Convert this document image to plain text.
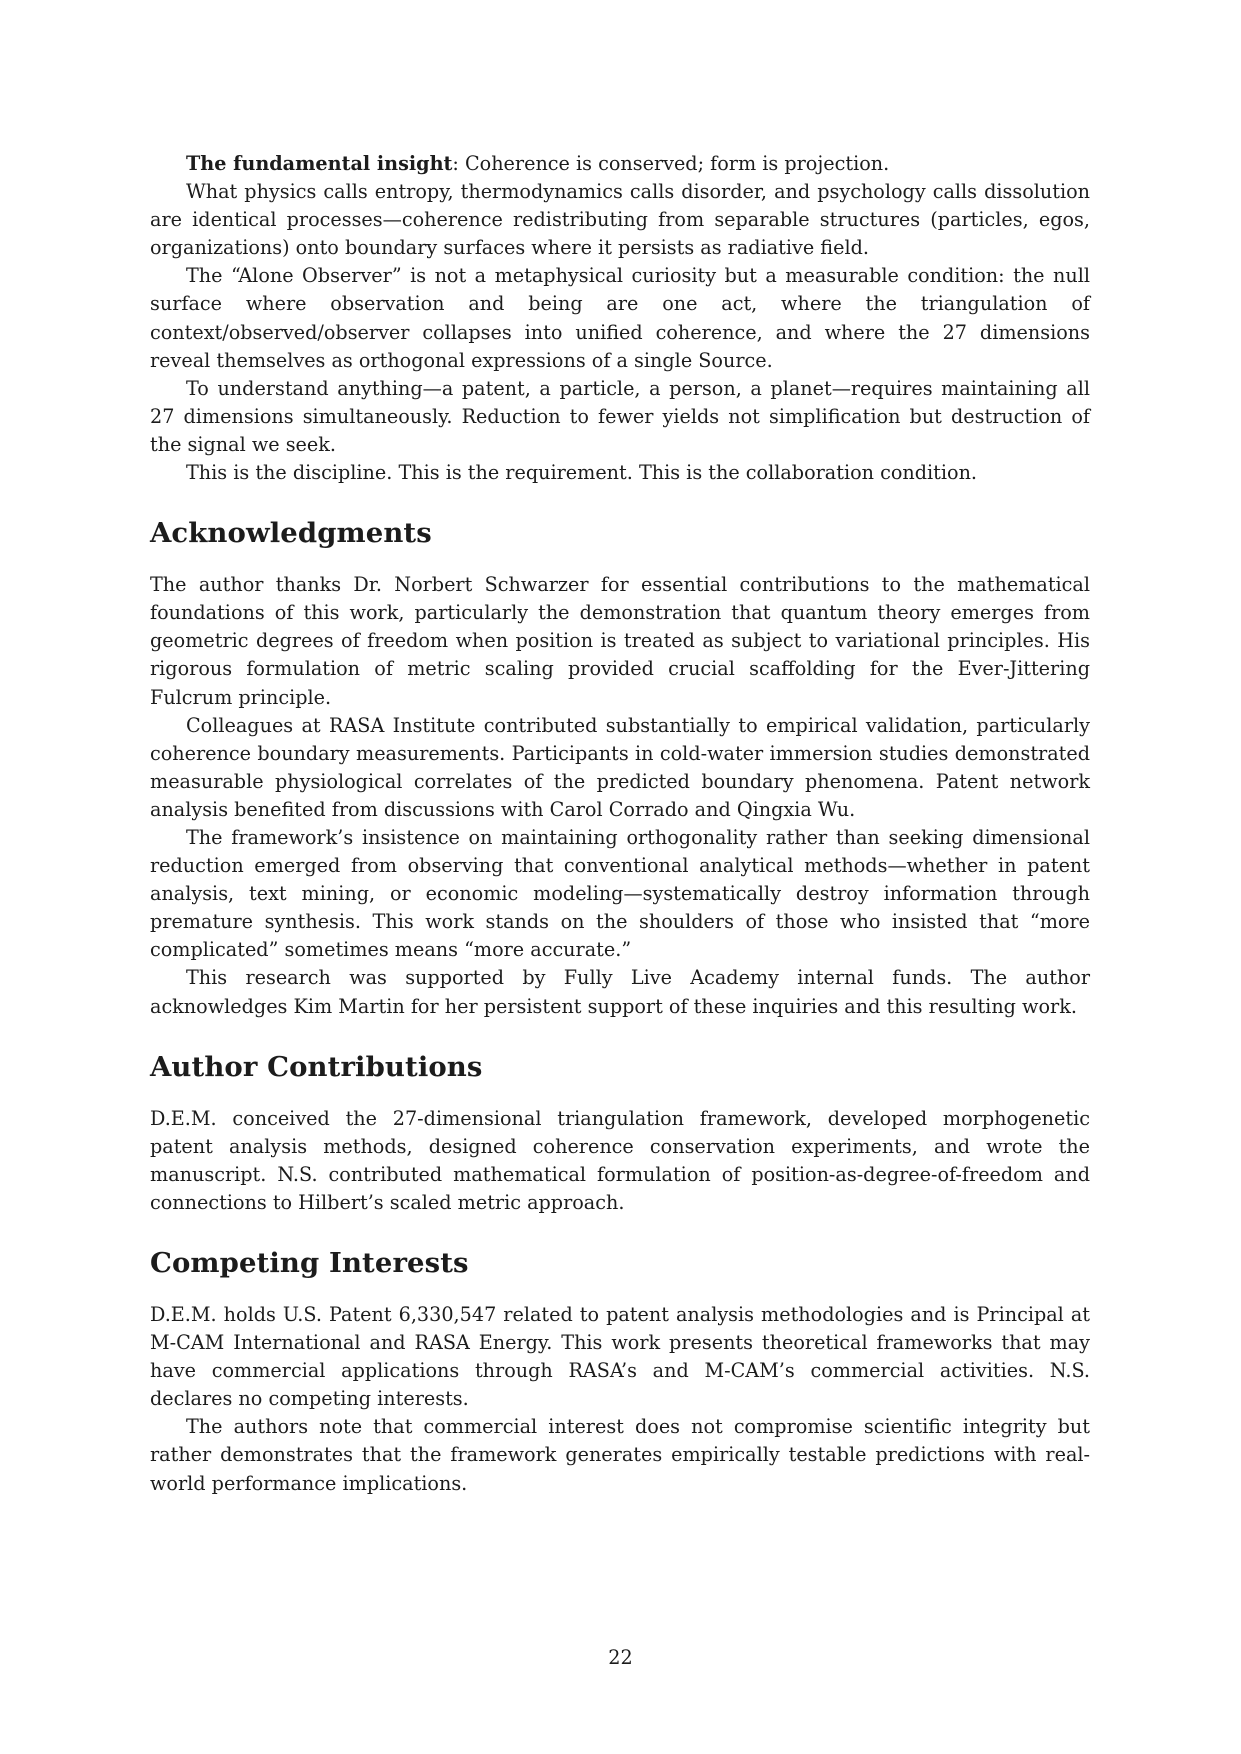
The fundamental insight: Coherence is conserved; form is projection.

What physics calls entropy, thermodynamics calls disorder, and psychology calls dissolution are identical processes—coherence redistributing from separable structures (particles, egos, organizations) onto boundary surfaces where it persists as radiative field.

The “Alone Observer” is not a metaphysical curiosity but a measurable condition: the null surface where observation and being are one act, where the triangulation of context/observed/observer collapses into unified coherence, and where the 27 dimensions reveal themselves as orthogonal expressions of a single Source.

To understand anything—a patent, a particle, a person, a planet—requires maintaining all 27 dimensions simultaneously. Reduction to fewer yields not simplification but destruction of the signal we seek.

This is the discipline. This is the requirement. This is the collaboration condition.

Acknowledgments

The author thanks Dr. Norbert Schwarzer for essential contributions to the mathematical foundations of this work, particularly the demonstration that quantum theory emerges from geometric degrees of freedom when position is treated as subject to variational principles. His rigorous formulation of metric scaling provided crucial scaffolding for the Ever-Jittering Fulcrum principle.

Colleagues at RASA Institute contributed substantially to empirical validation, particularly coherence boundary measurements. Participants in cold-water immersion studies demonstrated measurable physiological correlates of the predicted boundary phenomena. Patent network analysis benefited from discussions with Carol Corrado and Qingxia Wu.

The framework’s insistence on maintaining orthogonality rather than seeking dimensional reduction emerged from observing that conventional analytical methods—whether in patent analysis, text mining, or economic modeling—systematically destroy information through premature synthesis. This work stands on the shoulders of those who insisted that “more complicated” sometimes means “more accurate.”

This research was supported by Fully Live Academy internal funds. The author acknowledges Kim Martin for her persistent support of these inquiries and this resulting work.

Author Contributions

D.E.M. conceived the 27-dimensional triangulation framework, developed morphogenetic patent analysis methods, designed coherence conservation experiments, and wrote the manuscript. N.S. contributed mathematical formulation of position-as-degree-of-freedom and connections to Hilbert’s scaled metric approach.

Competing Interests

D.E.M. holds U.S. Patent 6,330,547 related to patent analysis methodologies and is Principal at M-CAM International and RASA Energy. This work presents theoretical frameworks that may have commercial applications through RASA’s and M-CAM’s commercial activities. N.S. declares no competing interests.

The authors note that commercial interest does not compromise scientific integrity but rather demonstrates that the framework generates empirically testable predictions with real-world performance implications.

22
